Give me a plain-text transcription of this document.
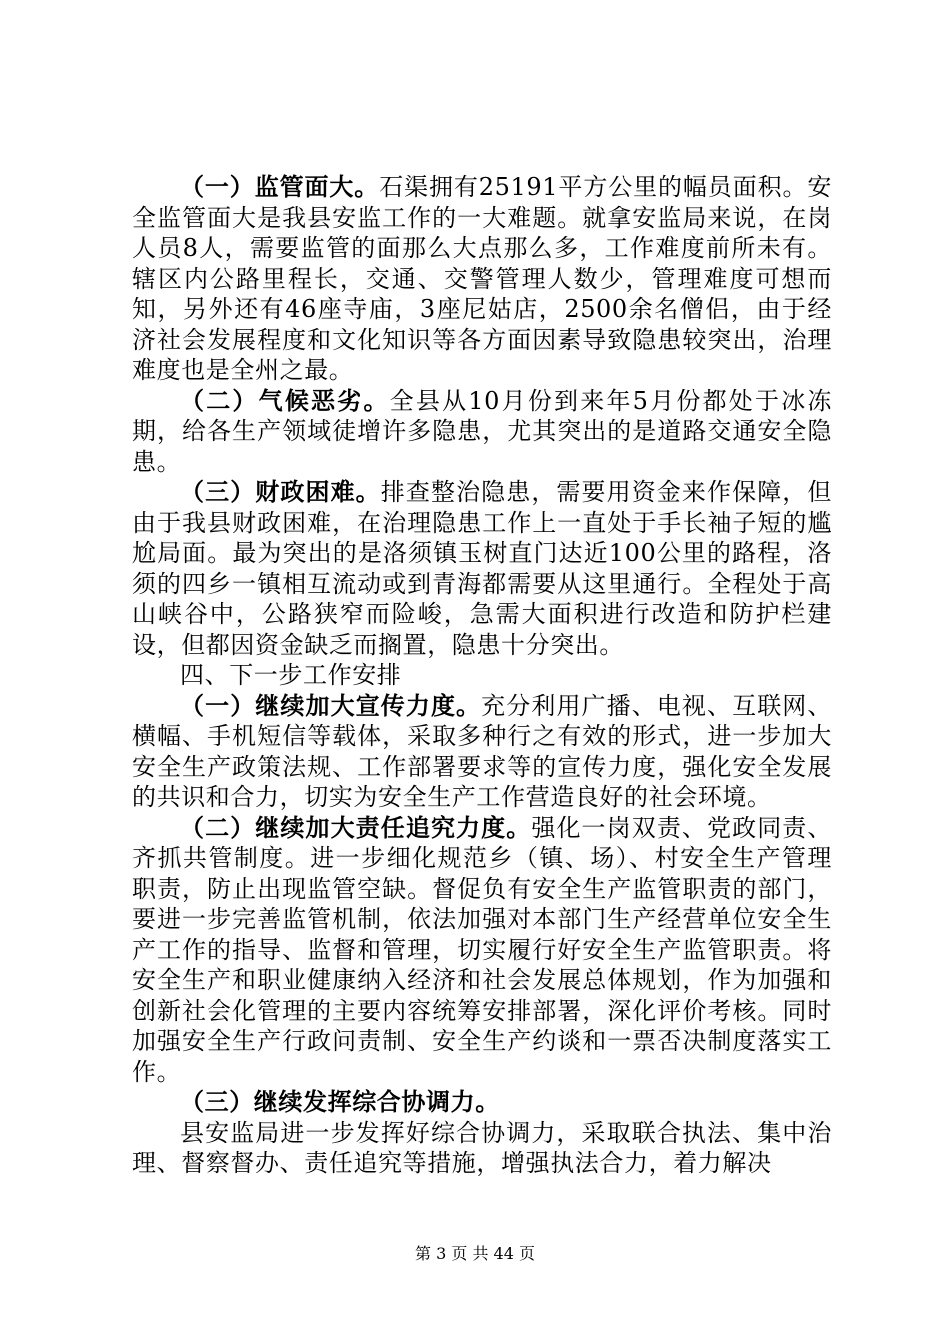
（一）监管面大。石渠拥有25191平方公里的幅员面积。安全监管面大是我县安监工作的一大难题。就拿安监局来说，在岗人员8人，需要监管的面那么大点那么多，工作难度前所未有。辖区内公路里程长，交通、交警管理人数少，管理难度可想而知，另外还有46座寺庙，3座尼姑店，2500余名僧侣，由于经济社会发展程度和文化知识等各方面因素导致隐患较突出，治理难度也是全州之最。

（二）气候恶劣。全县从10月份到来年5月份都处于冰冻期，给各生产领域徒增许多隐患，尤其突出的是道路交通安全隐患。

（三）财政困难。排查整治隐患，需要用资金来作保障，但由于我县财政困难，在治理隐患工作上一直处于手长袖子短的尴尬局面。最为突出的是洛须镇玉树直门达近100公里的路程，洛须的四乡一镇相互流动或到青海都需要从这里通行。全程处于高山峡谷中，公路狭窄而险峻，急需大面积进行改造和防护栏建设，但都因资金缺乏而搁置，隐患十分突出。

四、下一步工作安排

（一）继续加大宣传力度。充分利用广播、电视、互联网、横幅、手机短信等载体，采取多种行之有效的形式，进一步加大安全生产政策法规、工作部署要求等的宣传力度，强化安全发展的共识和合力，切实为安全生产工作营造良好的社会环境。

（二）继续加大责任追究力度。强化一岗双责、党政同责、齐抓共管制度。进一步细化规范乡（镇、场）、村安全生产管理职责，防止出现监管空缺。督促负有安全生产监管职责的部门，要进一步完善监管机制，依法加强对本部门生产经营单位安全生产工作的指导、监督和管理，切实履行好安全生产监管职责。将安全生产和职业健康纳入经济和社会发展总体规划，作为加强和创新社会化管理的主要内容统筹安排部署，深化评价考核。同时加强安全生产行政问责制、安全生产约谈和一票否决制度落实工作。

（三）继续发挥综合协调力。

县安监局进一步发挥好综合协调力，采取联合执法、集中治理、督察督办、责任追究等措施，增强执法合力，着力解决

第 3 页 共 44 页
